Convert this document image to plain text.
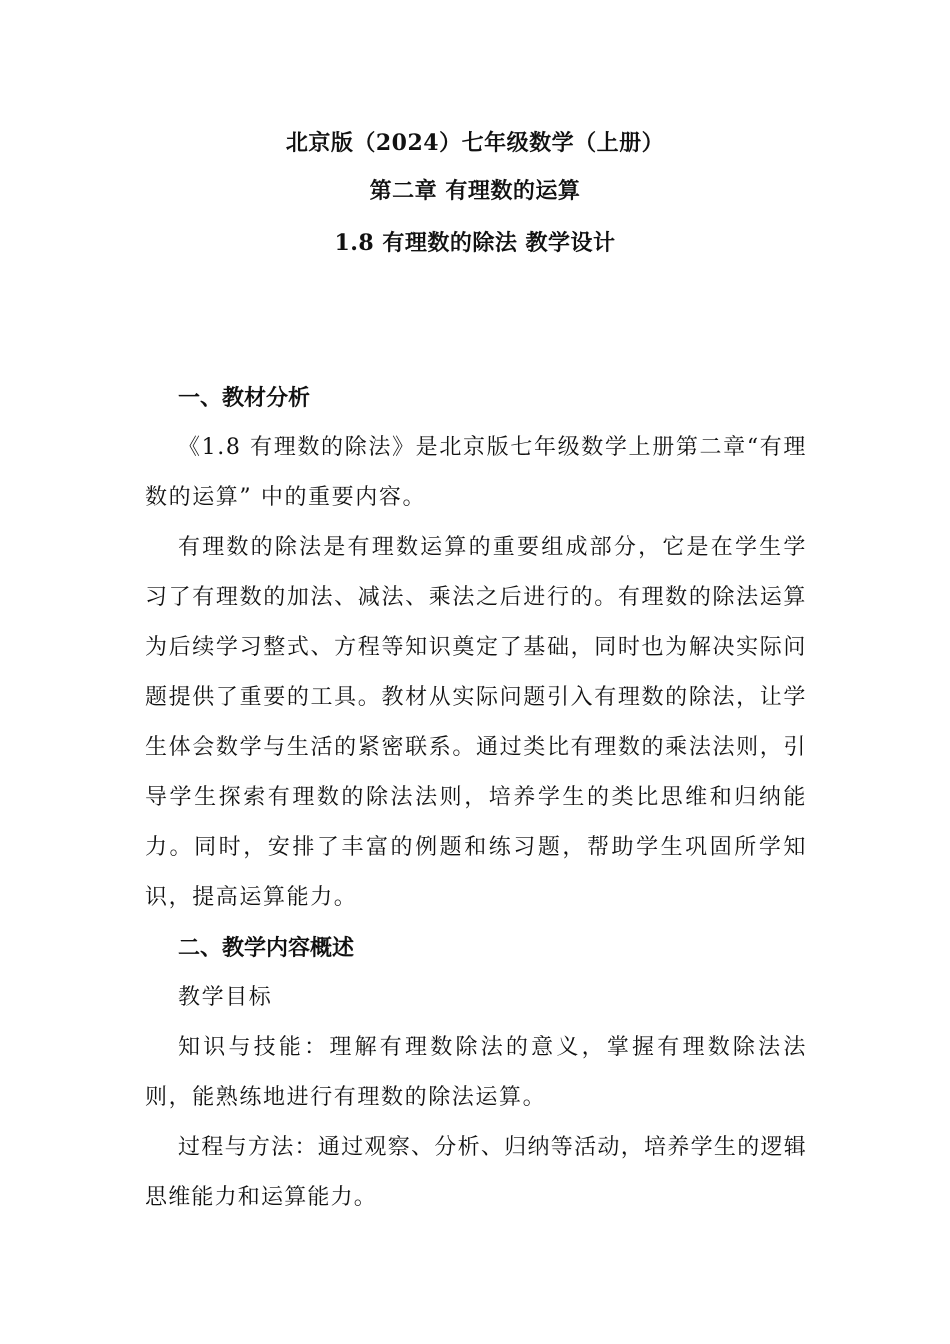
北京版（2024）七年级数学（上册）
第二章 有理数的运算
1.8 有理数的除法 教学设计

一、教材分析

《1.8 有理数的除法》是北京版七年级数学上册第二章“有理数的运算” 中的重要内容。

有理数的除法是有理数运算的重要组成部分，它是在学生学习了有理数的加法、减法、乘法之后进行的。有理数的除法运算为后续学习整式、方程等知识奠定了基础，同时也为解决实际问题提供了重要的工具。教材从实际问题引入有理数的除法，让学生体会数学与生活的紧密联系。通过类比有理数的乘法法则，引导学生探索有理数的除法法则，培养学生的类比思维和归纳能力。同时，安排了丰富的例题和练习题，帮助学生巩固所学知识，提高运算能力。

二、教学内容概述

教学目标

知识与技能：理解有理数除法的意义，掌握有理数除法法则，能熟练地进行有理数的除法运算。

过程与方法：通过观察、分析、归纳等活动，培养学生的逻辑思维能力和运算能力。
